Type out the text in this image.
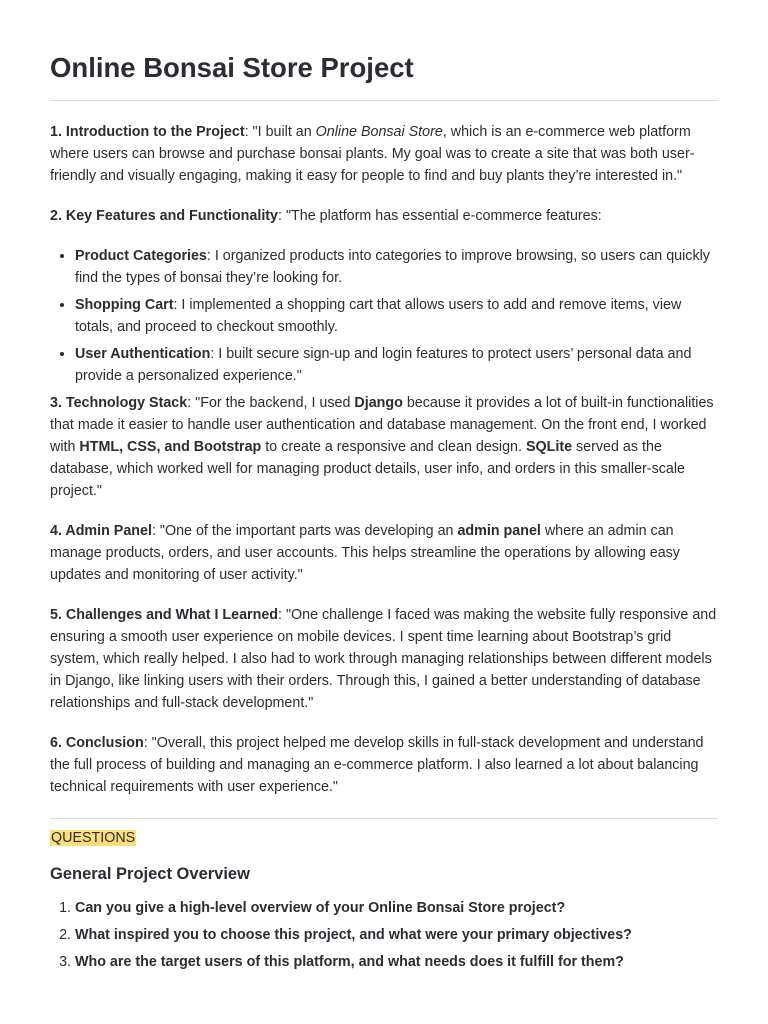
Online Bonsai Store Project

1. Introduction to the Project: "I built an Online Bonsai Store, which is an e-commerce web platform where users can browse and purchase bonsai plants. My goal was to create a site that was both user-friendly and visually engaging, making it easy for people to find and buy plants they’re interested in."

2. Key Features and Functionality: "The platform has essential e-commerce features:

• Product Categories: I organized products into categories to improve browsing, so users can quickly find the types of bonsai they’re looking for.
• Shopping Cart: I implemented a shopping cart that allows users to add and remove items, view totals, and proceed to checkout smoothly.
• User Authentication: I built secure sign-up and login features to protect users’ personal data and provide a personalized experience."

3. Technology Stack: "For the backend, I used Django because it provides a lot of built-in functionalities that made it easier to handle user authentication and database management. On the front end, I worked with HTML, CSS, and Bootstrap to create a responsive and clean design. SQLite served as the database, which worked well for managing product details, user info, and orders in this smaller-scale project."

4. Admin Panel: "One of the important parts was developing an admin panel where an admin can manage products, orders, and user accounts. This helps streamline the operations by allowing easy updates and monitoring of user activity."

5. Challenges and What I Learned: "One challenge I faced was making the website fully responsive and ensuring a smooth user experience on mobile devices. I spent time learning about Bootstrap’s grid system, which really helped. I also had to work through managing relationships between different models in Django, like linking users with their orders. Through this, I gained a better understanding of database relationships and full-stack development."

6. Conclusion: "Overall, this project helped me develop skills in full-stack development and understand the full process of building and managing an e-commerce platform. I also learned a lot about balancing technical requirements with user experience."

QUESTIONS
General Project Overview
1. Can you give a high-level overview of your Online Bonsai Store project?
2. What inspired you to choose this project, and what were your primary objectives?
3. Who are the target users of this platform, and what needs does it fulfill for them?
